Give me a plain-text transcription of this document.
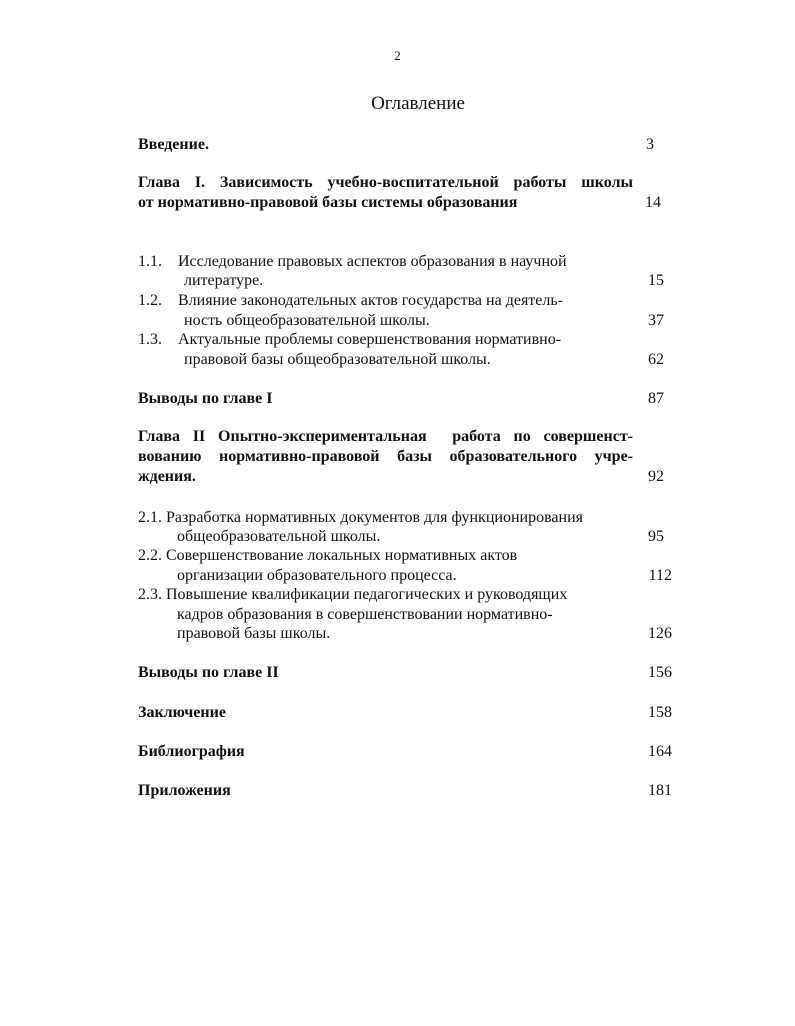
2
Оглавление
Введение.	3
Глава I. Зависимость учебно-воспитательной работы школы
от нормативно-правовой базы системы образования	14
1.1.    Исследование правовых аспектов образования в научной
литературе.	15
1.2.    Влияние законодательных актов государства на деятель-
ность общеобразовательной школы.	37
1.3.    Актуальные проблемы совершенствования нормативно-
правовой базы общеобразовательной школы.	62
Выводы по главе I	87
Глава II Опытно-экспериментальная  работа по совершенст-
вованию нормативно-правовой базы образовательного учре-
ждения.	92
2.1. Разработка нормативных документов для функционирования
общеобразовательной школы.	95
2.2. Совершенствование локальных нормативных актов
организации образовательного процесса.	112
2.3. Повышение квалификации педагогических и руководящих
кадров образования в совершенствовании нормативно-
правовой базы школы.	126
Выводы по главе II	156
Заключение	158
Библиография	164
Приложения	181
